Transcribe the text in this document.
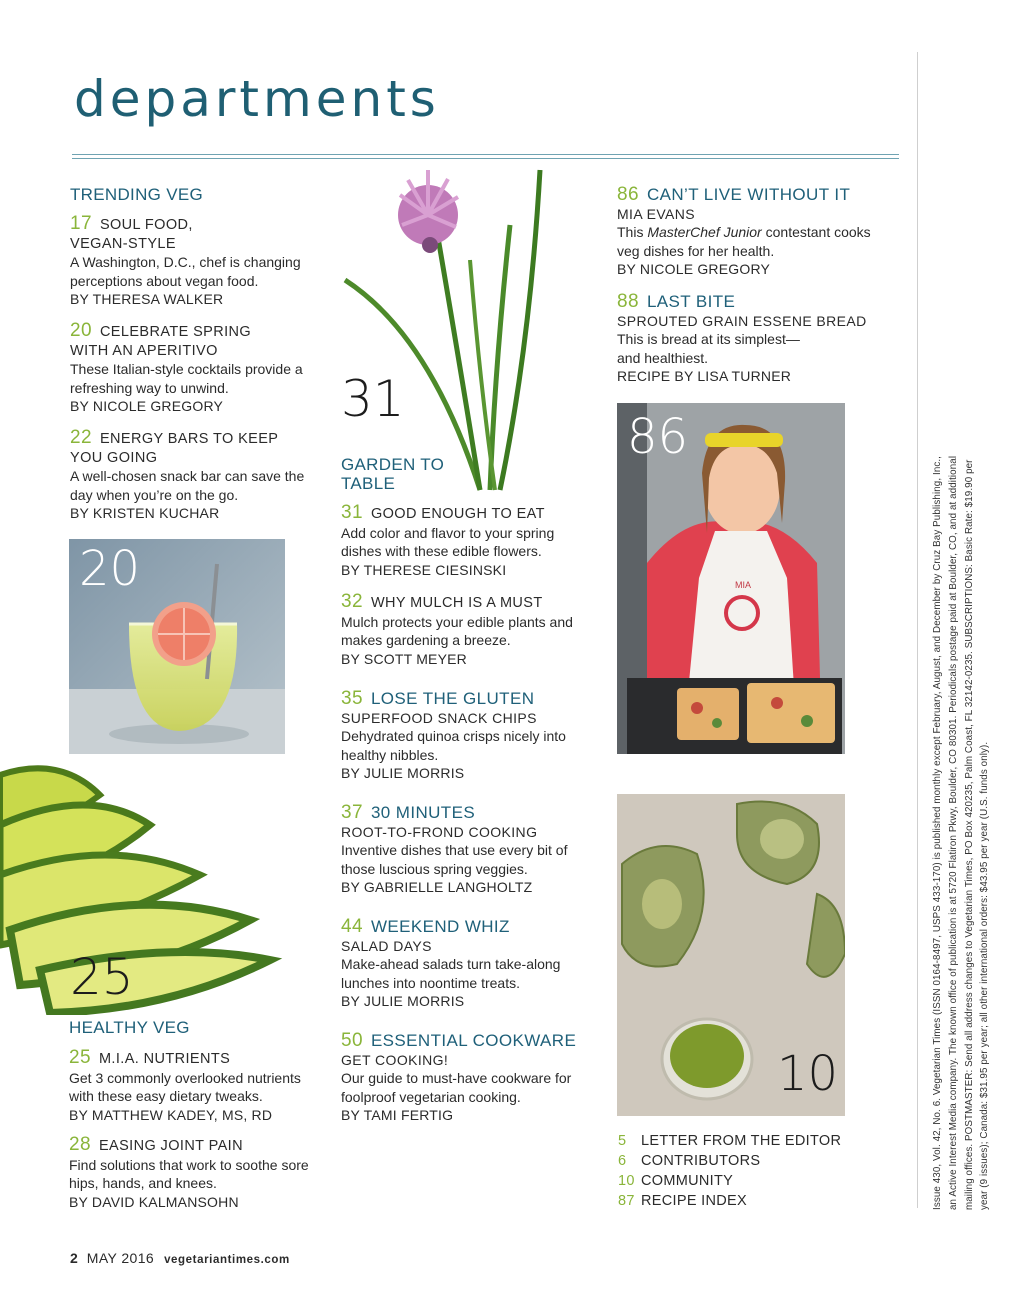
departments
TRENDING VEG
17 SOUL FOOD,
VEGAN-STYLE
A Washington, D.C., chef is changing perceptions about vegan food.
BY THERESA WALKER
20 CELEBRATE SPRING
WITH AN APERITIVO
These Italian-style cocktails provide a refreshing way to unwind.
BY NICOLE GREGORY
22 ENERGY BARS TO KEEP
YOU GOING
A well-chosen snack bar can save the day when you’re on the go.
BY KRISTEN KUCHAR
20
25
HEALTHY VEG
25 M.I.A. NUTRIENTS
Get 3 commonly overlooked nutrients with these easy dietary tweaks.
BY MATTHEW KADEY, MS, RD
28 EASING JOINT PAIN
Find solutions that work to soothe sore hips, hands, and knees.
BY DAVID KALMANSOHN
31
GARDEN TO
TABLE
31 GOOD ENOUGH TO EAT
Add color and flavor to your spring dishes with these edible flowers.
BY THERESE CIESINSKI
32 WHY MULCH IS A MUST
Mulch protects your edible plants and makes gardening a breeze.
BY SCOTT MEYER
35 LOSE THE GLUTEN
SUPERFOOD SNACK CHIPS
Dehydrated quinoa crisps nicely into healthy nibbles.
BY JULIE MORRIS
37 30 MINUTES
ROOT-TO-FROND COOKING
Inventive dishes that use every bit of those luscious spring veggies.
BY GABRIELLE LANGHOLTZ
44 WEEKEND WHIZ
SALAD DAYS
Make-ahead salads turn take-along lunches into noontime treats.
BY JULIE MORRIS
50 ESSENTIAL COOKWARE
GET COOKING!
Our guide to must-have cookware for foolproof vegetarian cooking.
BY TAMI FERTIG
86 CAN’T LIVE WITHOUT IT
MIA EVANS
This MasterChef Junior contestant cooks veg dishes for her health.
BY NICOLE GREGORY
88 LAST BITE
SPROUTED GRAIN ESSENE BREAD
This is bread at its simplest— and healthiest.
RECIPE BY LISA TURNER
MIA
86
10
5 LETTER FROM THE EDITOR
6 CONTRIBUTORS
10 COMMUNITY
87 RECIPE INDEX	Issue 430, Vol. 42, No. 6. Vegetarian Times (ISSN 0164-8497, USPS 433-170) is published monthly except February, August, and December by Cruz Bay Publishing, Inc., an Active Interest Media company. The known office of publication is at 5720 Flatiron Pkwy, Boulder, CO 80301. Periodicals postage paid at Boulder, CO, and at additional mailing offices. POSTMASTER: Send all address changes to Vegetarian Times, PO Box 420235, Palm Coast, FL 32142-0235. SUBSCRIPTIONS: Basic Rate: $19.90 per year (9 issues); Canada: $31.95 per year; all other international orders: $43.95 per year (U.S. funds only).
2 MAY 2016 vegetariantimes.com
